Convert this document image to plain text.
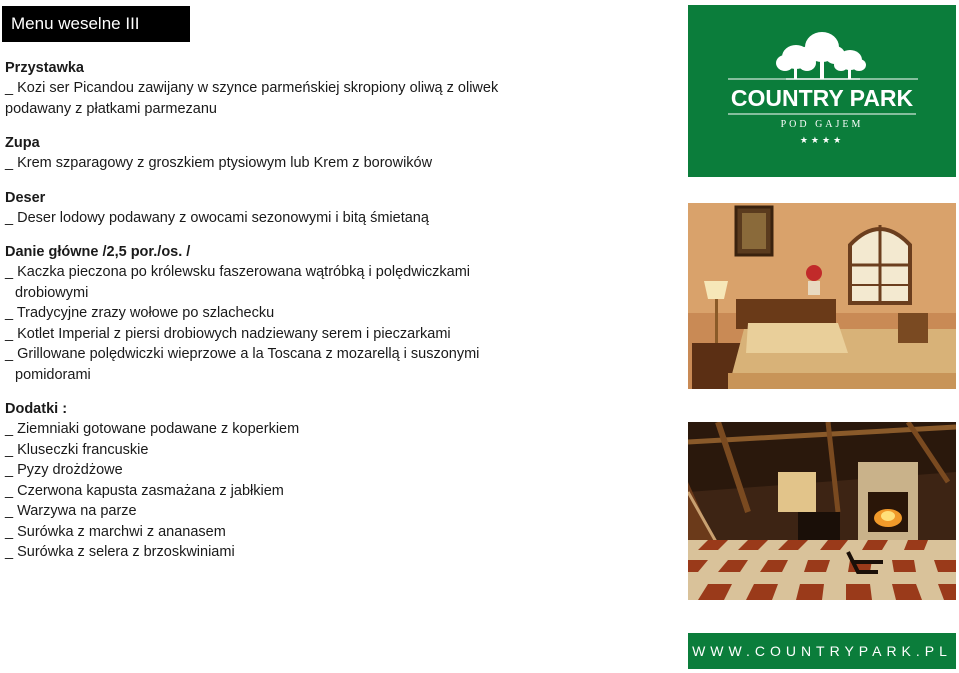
Menu weselne III
Przystawka
_ Kozi ser Picandou zawijany w szynce parmeńskiej skropiony oliwą z oliwek
podawany z płatkami parmezanu
Zupa
_ Krem szparagowy z groszkiem ptysiowym lub Krem z borowików
Deser
_ Deser lodowy podawany z owocami sezonowymi i bitą śmietaną
Danie główne /2,5 por./os. /
_ Kaczka pieczona po królewsku faszerowana wątróbką i polędwiczkami
drobiowymi
_ Tradycyjne zrazy wołowe po szlachecku
_ Kotlet Imperial z piersi drobiowych nadziewany serem i pieczarkami
_ Grillowane polędwiczki wieprzowe a la Toscana z mozarellą i suszonymi
pomidorami
Dodatki :
_ Ziemniaki gotowane podawane z koperkiem
_ Kluseczki francuskie
_ Pyzy drożdżowe
_ Czerwona kapusta zasmażana z jabłkiem
_ Warzywa na parze
_ Surówka z marchwi z ananasem
_ Surówka z selera z brzoskwiniami
COUNTRY PARK
POD GAJEM
★★★★
WWW.COUNTRYPARK.PL
